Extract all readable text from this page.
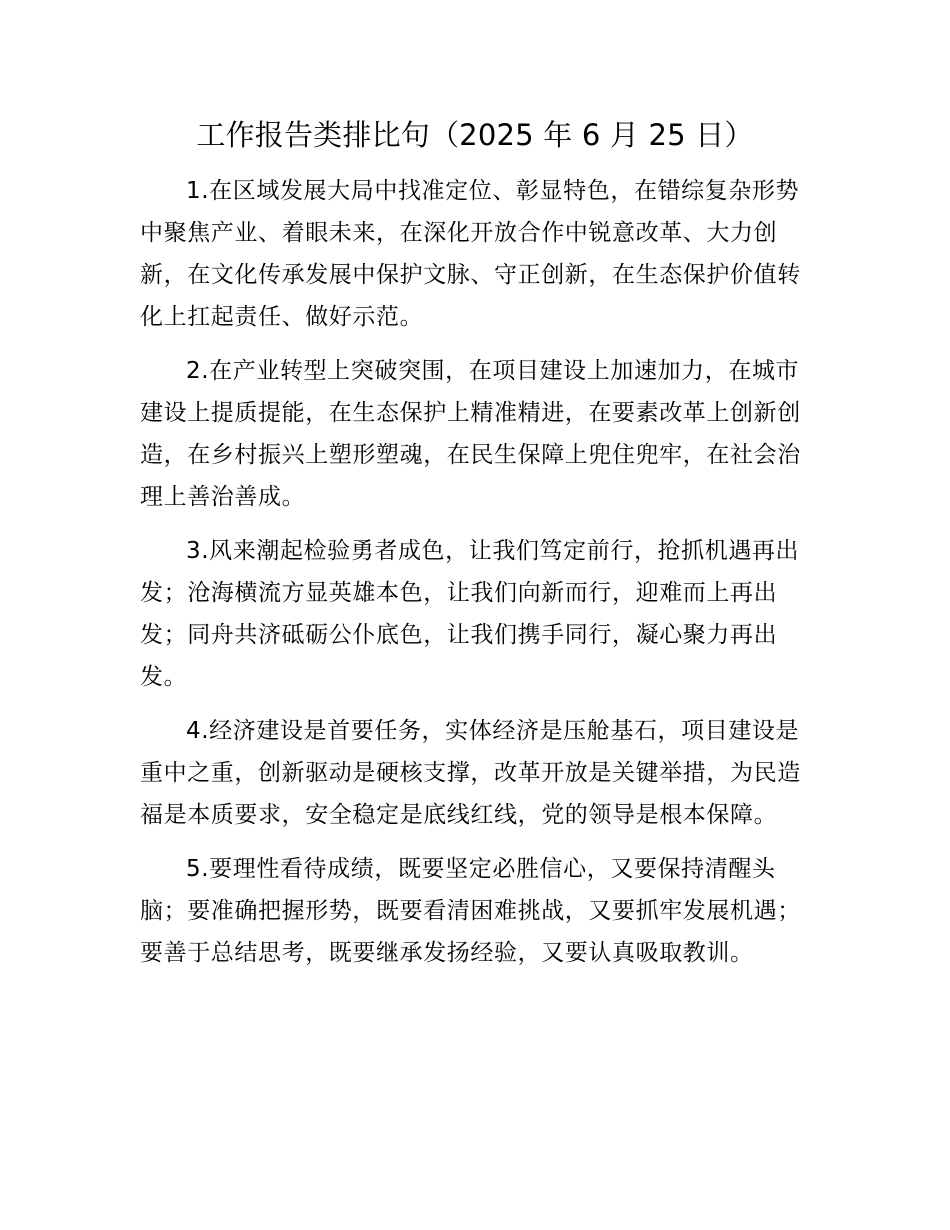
工作报告类排比句（2025 年 6 月 25 日）

1.在区域发展大局中找准定位、彰显特色，在错综复杂形势中聚焦产业、着眼未来，在深化开放合作中锐意改革、大力创新，在文化传承发展中保护文脉、守正创新，在生态保护价值转化上扛起责任、做好示范。

2.在产业转型上突破突围，在项目建设上加速加力，在城市建设上提质提能，在生态保护上精准精进，在要素改革上创新创造，在乡村振兴上塑形塑魂，在民生保障上兜住兜牢，在社会治理上善治善成。

3.风来潮起检验勇者成色，让我们笃定前行，抢抓机遇再出发；沧海横流方显英雄本色，让我们向新而行，迎难而上再出发；同舟共济砥砺公仆底色，让我们携手同行，凝心聚力再出发。

4.经济建设是首要任务，实体经济是压舱基石，项目建设是重中之重，创新驱动是硬核支撑，改革开放是关键举措，为民造福是本质要求，安全稳定是底线红线，党的领导是根本保障。

5.要理性看待成绩，既要坚定必胜信心，又要保持清醒头脑；要准确把握形势，既要看清困难挑战，又要抓牢发展机遇；要善于总结思考，既要继承发扬经验，又要认真吸取教训。
